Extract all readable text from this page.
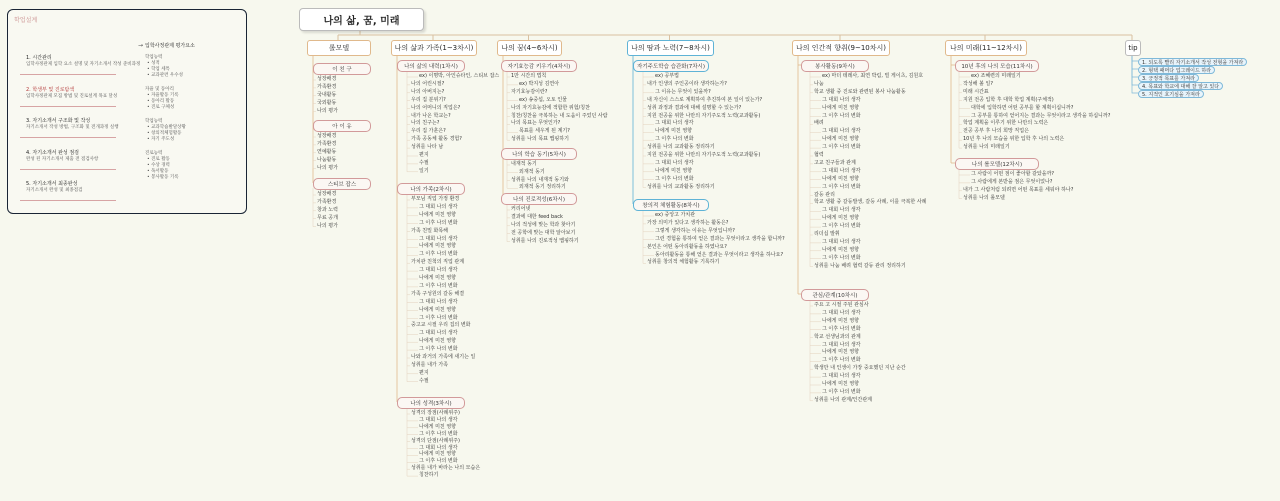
학업설계
1. 시간관리
입학사정관제 입학 요소 설명 및 자기소개서 작성 준비과정
2. 학생부 및 진로탐색
입학사정관제 모집 방법 및 진로설계 목표 달성
3. 자기소개서 구조화 및 작성
자기소개서 작성 방법, 구조화 및 전개과정 실행
4. 자기소개서 완성 점검
완성 된 자기소개서 제출 전 점검사항
5. 자기소개서 최종완성
자기소개서 완성 및 최종점검
→ 입학사정관제 평가요소
학업능력
• 성적
• 학업 세특
• 교과관련 우수성
자율 및 동아리
• 자율활동 기록
• 동아리 활동
• 진로 구체성
학업능력
• 교과학습발달상황
• 창의적체험활동
• 자기 주도성
진로능력
• 진로 활동
• 수상 경력
• 독서활동
• 봉사활동 기록
나의 삶, 꿈, 미래
롤모델
이 친 구
성장배경
가족환경
국내활동
국외활동
나의 평가
아 이 유
성장배경
가족환경
연예활동
나눔활동
나의 평가
스티브 잡스
성장배경
가족환경
창과 노력
무료 공개
나의 평가
나의 삶과 가족(1~3차시)
나의 삶의 내력(1차시)
ex) 이명박, 아인슈타인, 스티브 잡스
나의 어린시절?
나의 아버지는?
우리 집 분위기?
나의 어머니의 직업은?
내가 나온 학교는?
나의 친구는?
우리 집 가훈은?
가족 공동체 활동 경험?
성취를 나타 남
편지
수필
일기
나의 가족(2차시)
부모님 직업 가정 환경
그 대회 나의 생각
나에게 미친 영향
그 이후 나의 변화
가족 친밀 화목해
그 대회 나의 생각
나에게 미친 영향
그 이후 나의 변화
가치관 친척의 직업 관계
그 대회 나의 생각
나에게 미친 영향
그 이후 나의 변화
가족 구성원의 갈등 해결
그 대회 나의 생각
나에게 미친 영향
그 이후 나의 변화
중고교 시절 우리 집의 변화
그 대회 나의 생각
나에게 미친 영향
그 이후 나의 변화
나와 과거의 가족에 새기는 일
성취를 내가 가족
편지
수필
나의 성격(3차시)
성격의 장점(사례위주)
그 대회 나의 생각
나에게 미친 영향
그 이후 나의 변화
성격의 단점(사례위주)
그 대회 나의 생각
나에게 미친 영향
그 이후 나의 변화
성취를 내가 바라는 나의 모습은
칭찬하기
나의 꿈(4~6차시)
자기효능감 키우기(4차시)
1만 시간의 법칙
ex) 박지성 김연아
자기효능감이란?
ex) 송중섭, 오토 인물
나의 자기효능감에 적합한 위험/칭찬
칭찬/칭찬을 극복하는 내 도움이 주었던 사람
나의 목표는 무엇인가?
목표를 세우게 된 계기?
성취를 나의 목표 맵핑하기
나의 학습 동기(5차시)
내재적 동기
외재적 동기
성취를 나의 내재적 동기와
외재적 동기 정리하기
나의 진로적성(6차시)
커리어넷
결과에 대한 feed back
나의 적성에 맞는 학과 찾아기
전 공학에 맞는 대학 알아보기
성취를 나의 진로적성 맵핑하기
나의 땀과 노력(7~8차시)
자기주도학습 습관화(7차시)
ex) 공부법
내가 인생의 주인공이라 생각하는가?
그 이유는 무엇이 있을까?
내 자신이 스스로 계획하여 추진하여 본 일이 있는가?
성취 과정과 결과에 대해 설명할 수 있는가?
지원 전공을 위한 나만의 자기주도적 노력(교과활동)
그 대회 나의 생각
나에게 미친 영향
그 이후 나의 변화
성취를 나의 교과활동 정리하기
지원 전공을 위한 나만의 자기주도적 노력(교과활동)
그 대회 나의 생각
나에게 미친 영향
그 이후 나의 변화
성취를 나의 교과활동 정리하기
창의적 체험활동(8차시)
ex) 중앙고 가치관
가장 의미가 있다고 생각하는 활동은?
그렇게 생각하는 이유는 무엇입니까?
그런 경험을 통하여 얻은 결과는 무엇이라고 생각을 합니까?
본인은 어떤 동아리활동을 하였나요?
동아리활동을 통해 얻은 결과는 무엇이라고 생각을 하나요?
성취를 창의적 체험활동 기록하기
나의 인간적 향취(9~10차시)
봉사활동(9차시)
ex) 마더 테레사, 최연 박림, 빌 게이츠, 김원호
나눔
학교 생활 중 진로와 관련된 봉사 나눔활동
그 대회 나의 생각
나에게 미친 영향
그 이후 나의 변화
배려
그 대회 나의 생각
나에게 미친 영향
그 이후 나의 변화
협력
고교 친구들과 관계
그 대회 나의 생각
나에게 미친 영향
그 이후 나의 변화
갈등 관리
학교 생활 중 갈등발생, 갈등 사례, 이를 극복한 사례
그 대회 나의 생각
나에게 미친 영향
그 이후 나의 변화
리더십 발휘
그 대회 나의 생각
나에게 미친 영향
그 이후 나의 변화
성취를 나눔 배려 협력 갈등 관리 정리하기
관심/관계(10차시)
주요 고 시절 주된 관심사
그 대회 나의 생각
나에게 미친 영향
그 이후 나의 변화
학교 선생님과의 관계
그 대회 나의 생각
나에게 미친 영향
그 이후 나의 변화
학생만 내 인생이 가장 중요했던 지난 순간
그 대회 나의 생각
나에게 미친 영향
그 이후 나의 변화
성취를 나의 관계/인간관계
나의 미래(11~12차시)
10년 후의 나의 모습(11차시)
ex) 조혜련의 미래일기
작성해 볼 일?
미래 시간표
지원 전공 입학 후 대학 학업 계획(구체적)
대학에 입학하면 어떤 공부를 할 계획이십니까?
그 공부를 통하여 얻어지는 결과는 무엇이라고 생각을 하십니까?
학업 계획을 이루기 위한 나만의 노력은
전공 공부 후 나의 희망 직업은
10년 후 나의 모습을 위한 입학 후 나의 노력은
성취를 나의 미래일기
나의 롤모델(12차시)
그 사람이 어떤 점이 좋아할 같았을까?
그 사람에게 본받을 점은 무엇이었나?
내가 그 사람처럼 되려면 어떤 목표를 세워야 하나?
성취를 나의 롤모델
tip
1. 되도록 빨리 자기소개서 작성 전형을 가져라
2. 형택 패머다 업그레이드 하라
3. 긍정적 목표를 가져라
4. 목표와 학교에 대해 잘 알고 있다
5. 지적인 호기심을 가져라
